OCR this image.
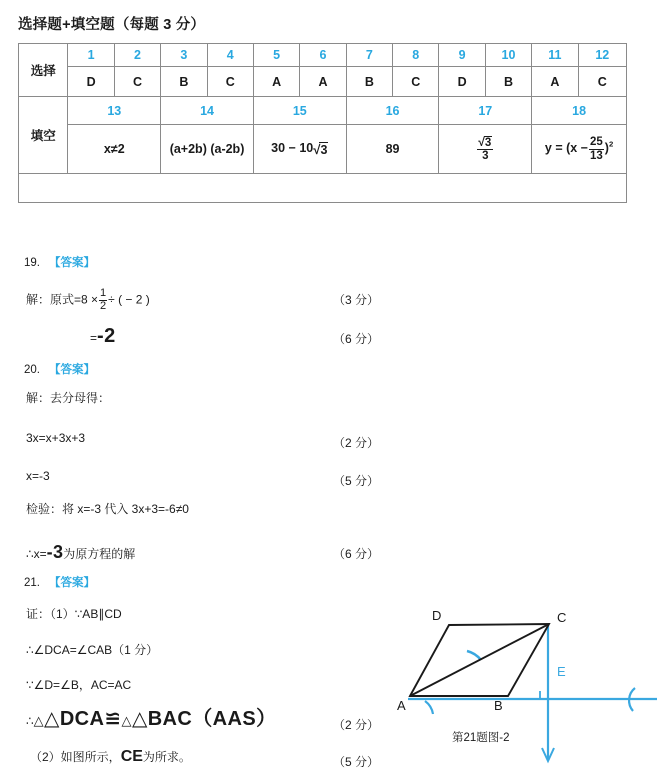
选择题+填空题（每题 3 分）
选择	1	2	3	4	5	6	7	8	9	10	11	12
	D	C	B	C	A	A	B	C	D	B	A	C
填空	13		14		15		16		17		18	
	x≠2		(a+2b) (a-2b)		30 − 10√3		89		$\frac{√3}{3}$		$y = (x - \frac{25}{13} )^2$

19. 【答案】
解：原式$=8 \times \frac{1}{2}$ ÷ ( − 2 )	（3 分）
=-2	（6 分）
20. 【答案】
解：去分母得：
3x=x+3x+3	（2 分）
x=-3	（5 分）
检验：将 x=-3 代入 3x+3=-6≠0
∴x=-3为原方程的解	（6 分）
21. 【答案】
证：（1）∵AB∥CD
∴∠DCA=∠CAB（1 分）
∵∠D=∠B，AC=AC
∴△△DCA≌△△BAC（AAS）	（2 分）
（2）如图所示，CE为所求。	（5 分）
A	B
C
D
E
第21题图-2
